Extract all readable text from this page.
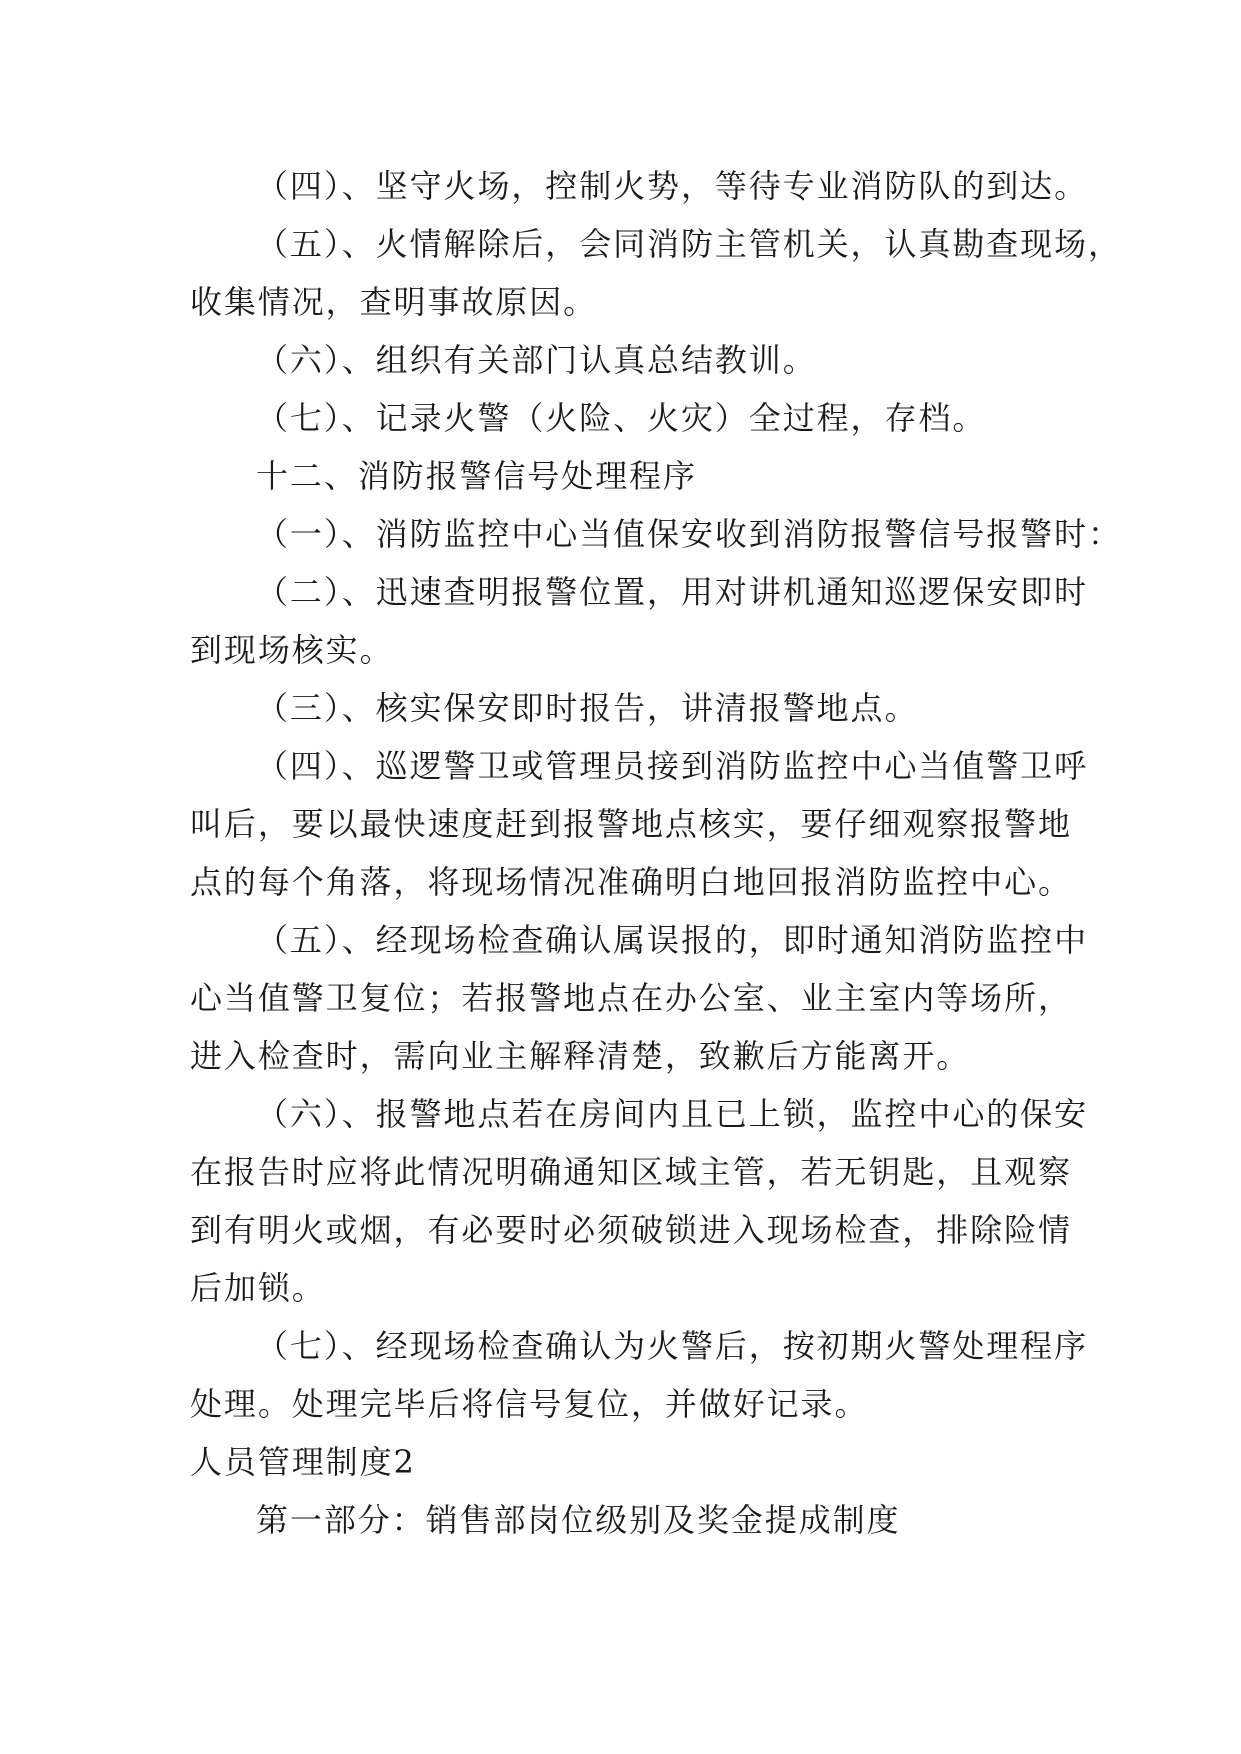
（四）、坚守火场，控制火势，等待专业消防队的到达。
（五）、火情解除后，会同消防主管机关，认真勘查现场，
收集情况，查明事故原因。
（六）、组织有关部门认真总结教训。
（七）、记录火警（火险、火灾）全过程，存档。
十二、消防报警信号处理程序
（一）、消防监控中心当值保安收到消防报警信号报警时：
（二）、迅速查明报警位置，用对讲机通知巡逻保安即时
到现场核实。
（三）、核实保安即时报告，讲清报警地点。
（四）、巡逻警卫或管理员接到消防监控中心当值警卫呼
叫后，要以最快速度赶到报警地点核实，要仔细观察报警地
点的每个角落，将现场情况准确明白地回报消防监控中心。
（五）、经现场检查确认属误报的，即时通知消防监控中
心当值警卫复位；若报警地点在办公室、业主室内等场所，
进入检查时，需向业主解释清楚，致歉后方能离开。
（六）、报警地点若在房间内且已上锁，监控中心的保安
在报告时应将此情况明确通知区域主管，若无钥匙，且观察
到有明火或烟，有必要时必须破锁进入现场检查，排除险情
后加锁。
（七）、经现场检查确认为火警后，按初期火警处理程序
处理。处理完毕后将信号复位，并做好记录。
人员管理制度2
第一部分：销售部岗位级别及奖金提成制度
